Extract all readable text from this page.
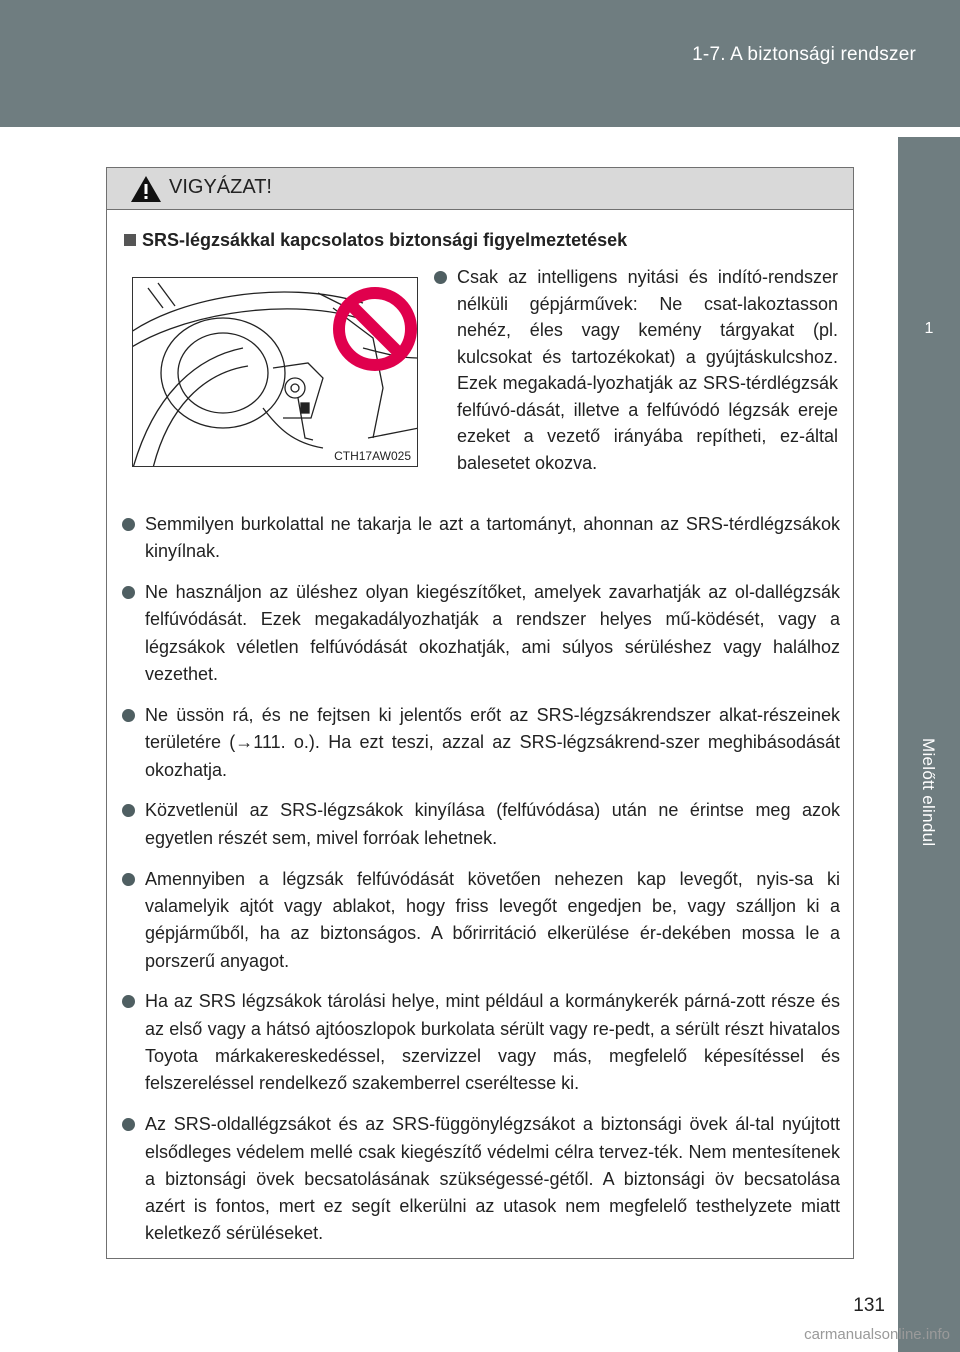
1-7. A biztonsági rendszer
1
Mielőtt elindul
VIGYÁZAT!
SRS-légzsákkal kapcsolatos biztonsági figyelmeztetések
CTH17AW025
Csak az intelligens nyitási és indító-rendszer nélküli gépjárművek: Ne csat-lakoztasson nehéz, éles vagy kemény tárgyakat (pl. kulcsokat és tartozékokat) a gyújtáskulcshoz. Ezek megakadá-lyozhatják az SRS-térdlégzsák felfúvó-dását, illetve a felfúvódó légzsák ereje ezeket a vezető irányába repítheti, ez-által balesetet okozva.
Semmilyen burkolattal ne takarja le azt a tartományt, ahonnan az SRS-térdlégzsákok kinyílnak.
Ne használjon az üléshez olyan kiegészítőket, amelyek zavarhatják az ol-dallégzsák felfúvódását. Ezek megakadályozhatják a rendszer helyes mű-ködését, vagy a légzsákok véletlen felfúvódását okozhatják, ami súlyos sérüléshez vagy halálhoz vezethet.
Ne üssön rá, és ne fejtsen ki jelentős erőt az SRS-légzsákrendszer alkat-részeinek területére (→111. o.). Ha ezt teszi, azzal az SRS-légzsákrend-szer meghibásodását okozhatja.
Közvetlenül az SRS-légzsákok kinyílása (felfúvódása) után ne érintse meg azok egyetlen részét sem, mivel forróak lehetnek.
Amennyiben a légzsák felfúvódását követően nehezen kap levegőt, nyis-sa ki valamelyik ajtót vagy ablakot, hogy friss levegőt engedjen be, vagy szálljon ki a gépjárműből, ha az biztonságos. A bőrirritáció elkerülése ér-dekében mossa le a porszerű anyagot.
Ha az SRS légzsákok tárolási helye, mint például a kormánykerék párná-zott része és az első vagy a hátsó ajtóoszlopok burkolata sérült vagy re-pedt, a sérült részt hivatalos Toyota márkakereskedéssel, szervizzel vagy más, megfelelő képesítéssel és felszereléssel rendelkező szakemberrel cseréltesse ki.
Az SRS-oldallégzsákot és az SRS-függönylégzsákot a biztonsági övek ál-tal nyújtott elsődleges védelem mellé csak kiegészítő védelmi célra tervez-ték. Nem mentesítenek a biztonsági övek becsatolásának szükségessé-gétől. A biztonsági öv becsatolása azért is fontos, mert ez segít elkerülni az utasok nem megfelelő testhelyzete miatt keletkező sérüléseket.
131
carmanualsonline.info
